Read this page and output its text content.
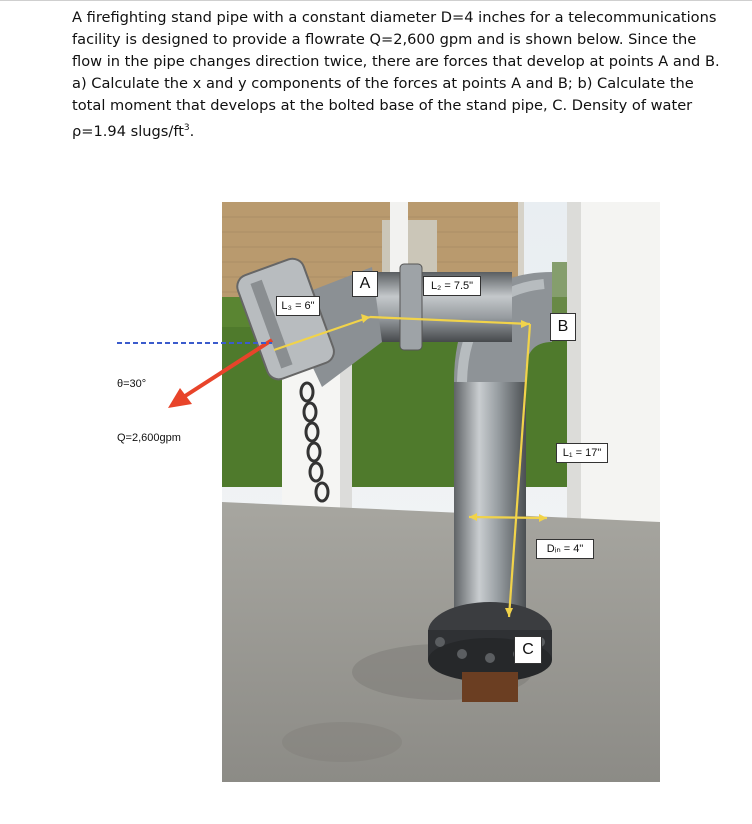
A firefighting stand pipe with a constant diameter D=4 inches for a telecommunications
facility is designed to provide a flowrate Q=2,600 gpm and is shown below. Since the
flow in the pipe changes direction twice, there are forces that develop at points A and B.
a) Calculate the x and y components of the forces at points A and B; b) Calculate the
total moment that develops at the bolted base of the stand pipe, C. Density of water
ρ=1.94 slugs/$ft^3$.

θ=30°
Q=2,600gpm
A
B
C
L₂ = 7.5"
L₃ = 6"
L₁ = 17"
Dᵢₙ = 4"
